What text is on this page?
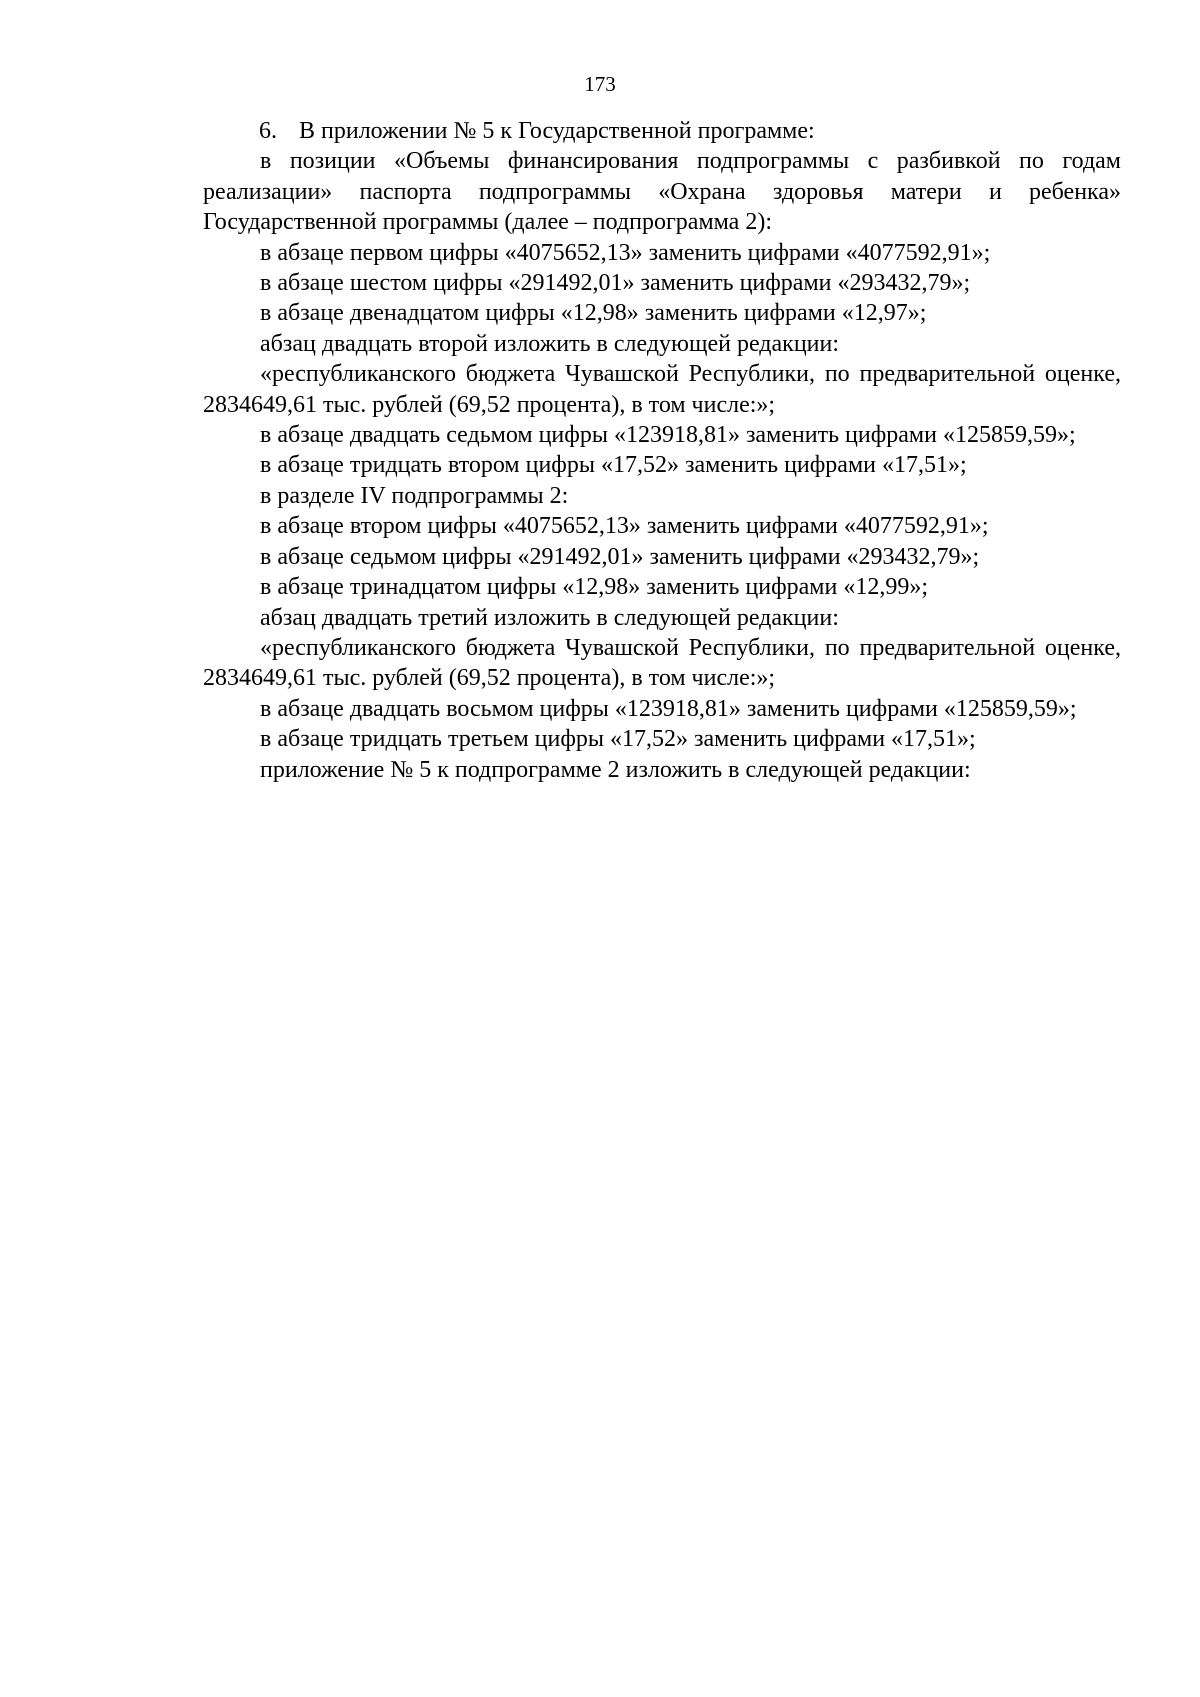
173

6. В приложении № 5 к Государственной программе:

в позиции «Объемы финансирования подпрограммы с разбивкой по годам реализации» паспорта подпрограммы «Охрана здоровья матери и ребенка» Государственной программы (далее – подпрограмма 2):

в абзаце первом цифры «4075652,13» заменить цифрами «4077592,91»;

в абзаце шестом цифры «291492,01» заменить цифрами «293432,79»;

в абзаце двенадцатом цифры «12,98» заменить цифрами «12,97»;

абзац двадцать второй изложить в следующей редакции:

«республиканского бюджета Чувашской Республики, по предварительной оценке, 2834649,61 тыс. рублей (69,52 процента), в том числе:»;

в абзаце двадцать седьмом цифры «123918,81» заменить цифрами «125859,59»;

в абзаце тридцать втором цифры «17,52» заменить цифрами «17,51»;

в разделе IV подпрограммы 2:

в абзаце втором цифры «4075652,13» заменить цифрами «4077592,91»;

в абзаце седьмом цифры «291492,01» заменить цифрами «293432,79»;

в абзаце тринадцатом цифры «12,98» заменить цифрами «12,99»;

абзац двадцать третий изложить в следующей редакции:

«республиканского бюджета Чувашской Республики, по предварительной оценке, 2834649,61 тыс. рублей (69,52 процента), в том числе:»;

в абзаце двадцать восьмом цифры «123918,81» заменить цифрами «125859,59»;

в абзаце тридцать третьем цифры «17,52» заменить цифрами «17,51»;

приложение № 5 к подпрограмме 2 изложить в следующей редакции:
